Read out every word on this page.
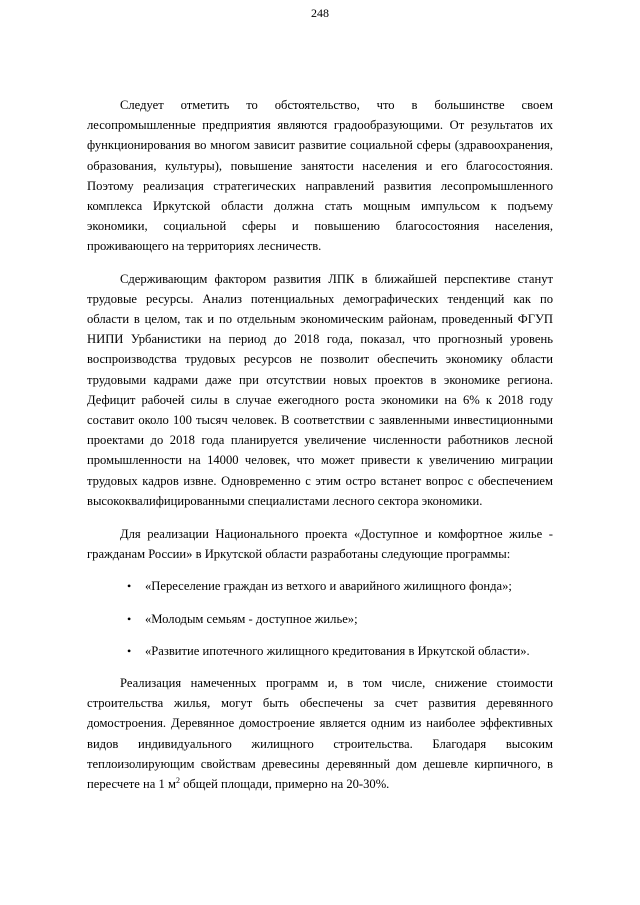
248

Следует отметить то обстоятельство, что в большинстве своем лесопромышленные предприятия являются градообразующими. От результатов их функционирования во многом зависит развитие социальной сферы (здравоохранения, образования, культуры), повышение занятости населения и его благосостояния. Поэтому реализация стратегических направлений развития лесопромышленного комплекса Иркутской области должна стать мощным импульсом к подъему экономики, социальной сферы и повышению благосостояния населения, проживающего на территориях лесничеств.

Сдерживающим фактором развития ЛПК в ближайшей перспективе станут трудовые ресурсы. Анализ потенциальных демографических тенденций как по области в целом, так и по отдельным экономическим районам, проведенный ФГУП НИПИ Урбанистики на период до 2018 года, показал, что прогнозный уровень воспроизводства трудовых ресурсов не позволит обеспечить экономику области трудовыми кадрами даже при отсутствии новых проектов в экономике региона. Дефицит рабочей силы в случае ежегодного роста экономики на 6% к 2018 году составит около 100 тысяч человек. В соответствии с заявленными инвестиционными проектами до 2018 года планируется увеличение численности работников лесной промышленности на 14000 человек, что может привести к увеличению миграции трудовых кадров извне. Одновременно с этим остро встанет вопрос с обеспечением высококвалифицированными специалистами лесного сектора экономики.

Для реализации Национального проекта «Доступное и комфортное жилье - гражданам России» в Иркутской области разработаны следующие программы:

• «Переселение граждан из ветхого и аварийного жилищного фонда»;
• «Молодым семьям - доступное жилье»;
• «Развитие ипотечного жилищного кредитования в Иркутской области».

Реализация намеченных программ и, в том числе, снижение стоимости строительства жилья, могут быть обеспечены за счет развития деревянного домостроения. Деревянное домостроение является одним из наиболее эффективных видов индивидуального жилищного строительства. Благодаря высоким теплоизолирующим свойствам древесины деревянный дом дешевле кирпичного, в пересчете на 1 $м^2$ общей площади, примерно на 20-30%.
